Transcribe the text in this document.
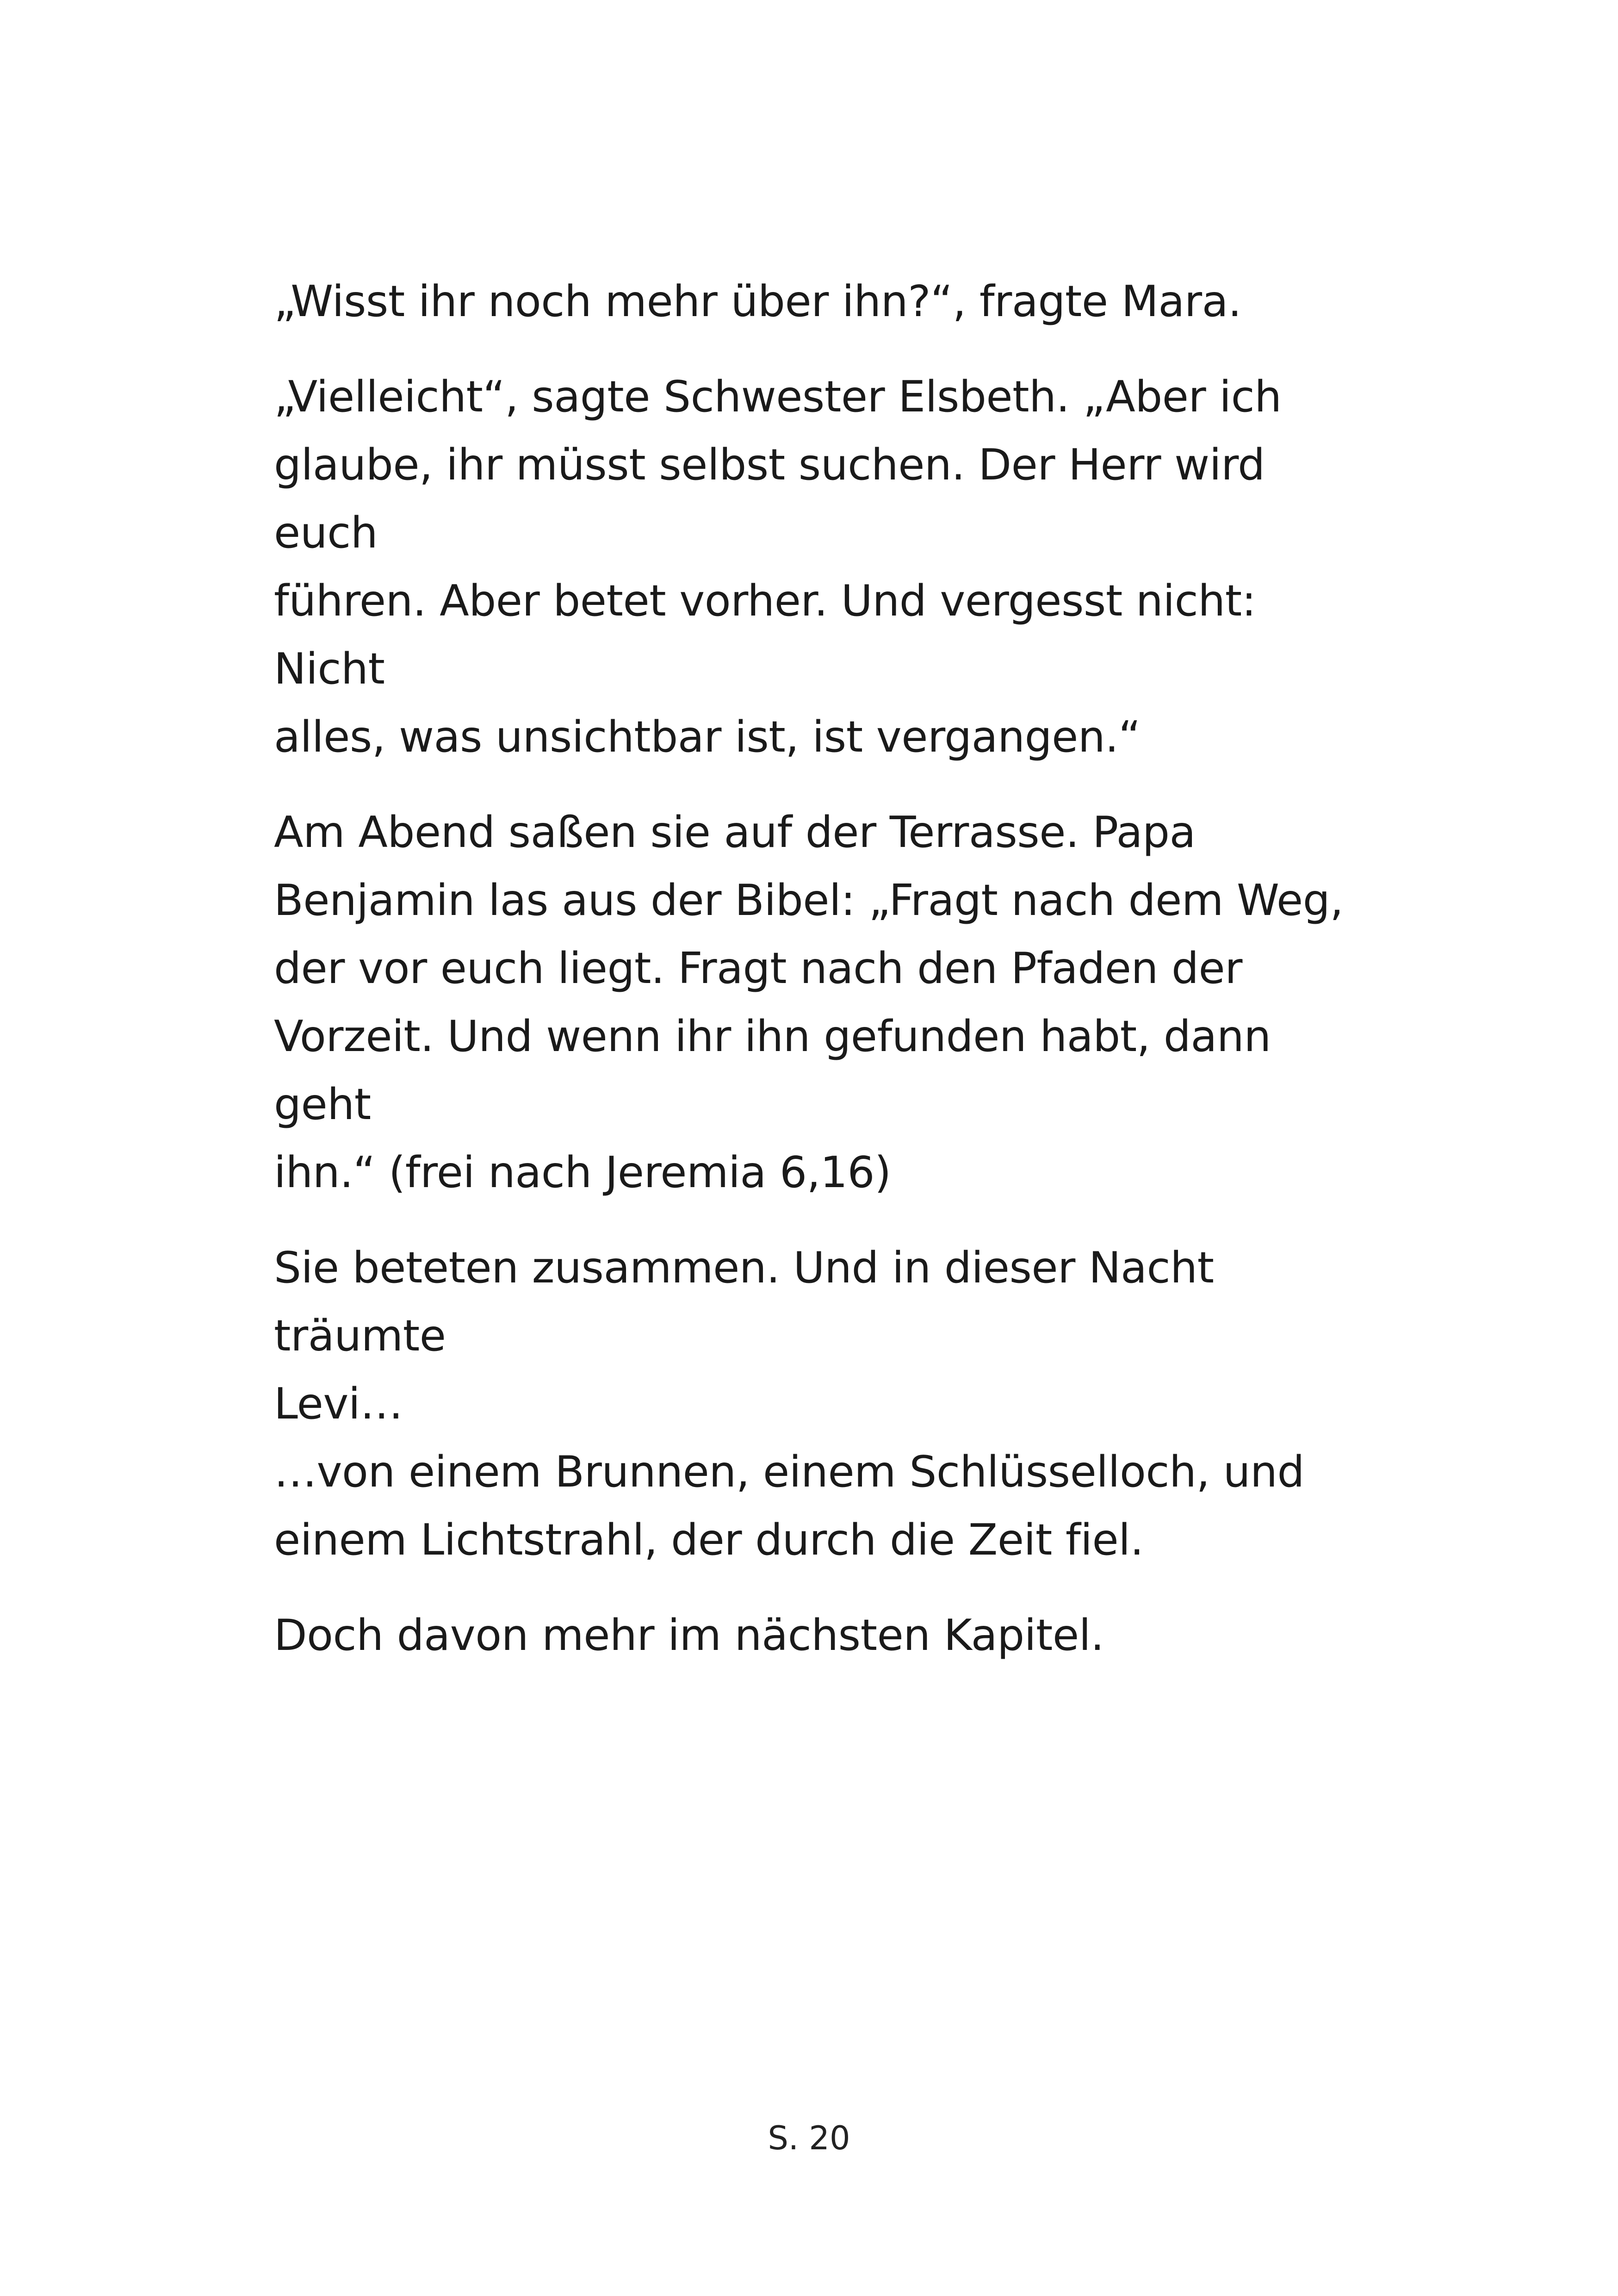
„Wisst ihr noch mehr über ihn?“, fragte Mara.

„Vielleicht“, sagte Schwester Elsbeth. „Aber ich
glaube, ihr müsst selbst suchen. Der Herr wird euch
führen. Aber betet vorher. Und vergesst nicht: Nicht
alles, was unsichtbar ist, ist vergangen.“

Am Abend saßen sie auf der Terrasse. Papa
Benjamin las aus der Bibel: „Fragt nach dem Weg,
der vor euch liegt. Fragt nach den Pfaden der
Vorzeit. Und wenn ihr ihn gefunden habt, dann geht
ihn.“ (frei nach Jeremia 6,16)

Sie beteten zusammen. Und in dieser Nacht träumte
Levi…
…von einem Brunnen, einem Schlüsselloch, und
einem Lichtstrahl, der durch die Zeit fiel.

Doch davon mehr im nächsten Kapitel.

S. 20
